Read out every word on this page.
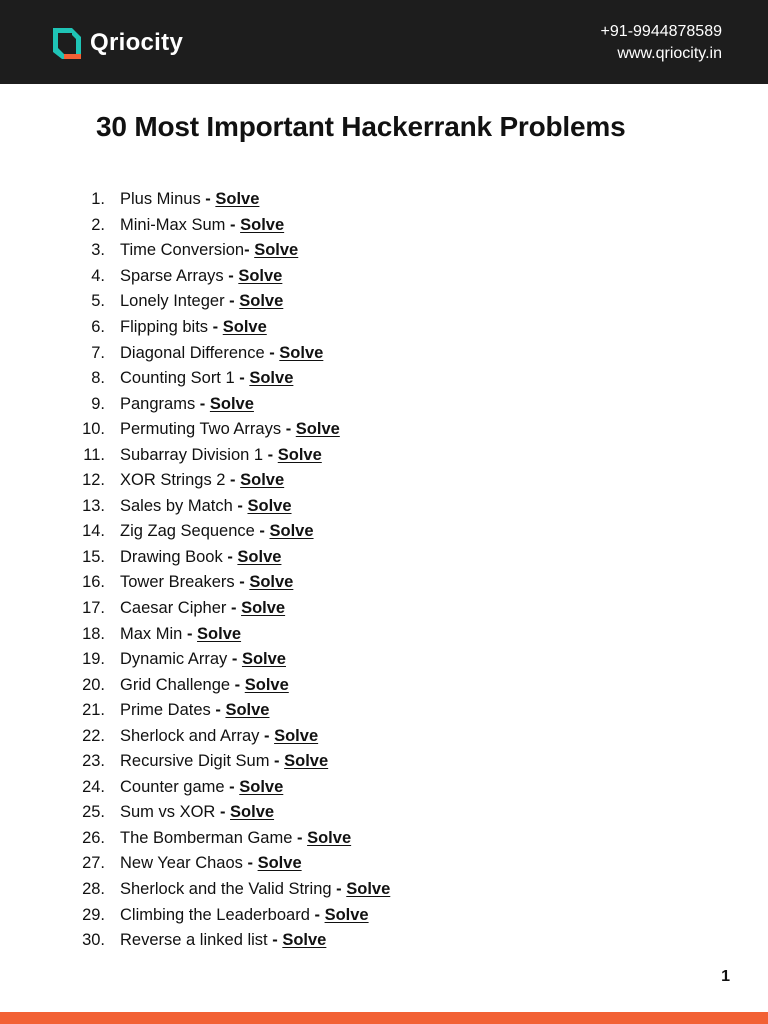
Qriocity	+91-9944878589
www.qriocity.in
30 Most Important Hackerrank Problems
1. Plus Minus - Solve
2. Mini-Max Sum - Solve
3. Time Conversion - Solve
4. Sparse Arrays - Solve
5. Lonely Integer - Solve
6. Flipping bits - Solve
7. Diagonal Difference - Solve
8. Counting Sort 1 - Solve
9. Pangrams - Solve
10. Permuting Two Arrays - Solve
11. Subarray Division 1 - Solve
12. XOR Strings 2 - Solve
13. Sales by Match - Solve
14. Zig Zag Sequence - Solve
15. Drawing Book - Solve
16. Tower Breakers - Solve
17. Caesar Cipher - Solve
18. Max Min - Solve
19. Dynamic Array - Solve
20. Grid Challenge - Solve
21. Prime Dates - Solve
22. Sherlock and Array - Solve
23. Recursive Digit Sum - Solve
24. Counter game - Solve
25. Sum vs XOR - Solve
26. The Bomberman Game - Solve
27. New Year Chaos - Solve
28. Sherlock and the Valid String - Solve
29. Climbing the Leaderboard - Solve
30. Reverse a linked list - Solve
1
